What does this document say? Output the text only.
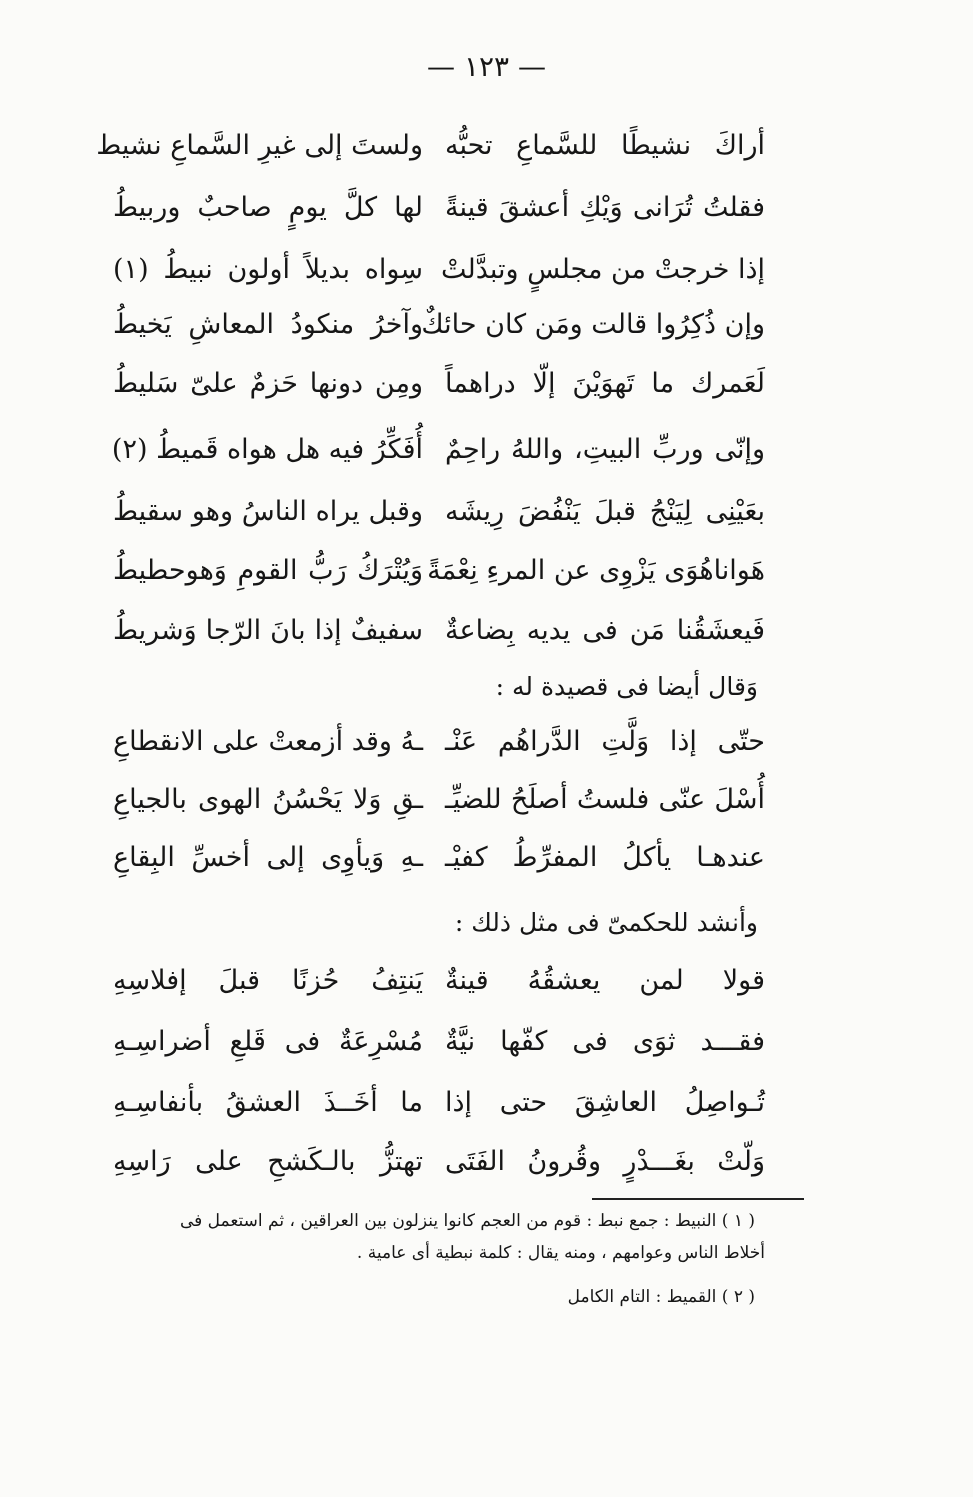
— ١٢٣ —
أراكَ نشيطًا للسَّماعِ تحبُّه
ولستَ إلى غيرِ السَّماعِ نشيط
فقلتُ تُرَانى وَيْكِ أعشقَ قينةً
لها كلَّ يومٍ صاحبٌ وربيطُ
إذا خرجتْ من مجلسٍ وتبدَّلتْ
سِواه بديلاً أولون نبيطُ (١)
وإن ذُكِرُوا قالت ومَن كان حائكٌ
وآخرُ منكودُ المعاشِ يَخيطُ
لَعَمرك ما تَهوَيْنَ إلّا دراهماً
ومِن دونها حَزمٌ علىّ سَليطُ
وإنّى وربِّ البيتِ، واللهُ راحِمٌ
أُفَكِّرُ فيه هل هواه قَميطُ (٢)
بعَيْنِى لِيَنْجُ قبلَ يَنْفُضَ رِيشَه
وقبل يراه الناسُ وهو سقيطُ
هَواناهُوَى يَزْوِى عن المرءِ نِعْمَةً
وَيُتْرَكُ رَبُّ القومِ وَهوحطيطُ
فَيعشَقُنا مَن فى يديه بِضاعةٌ
سفيفٌ إذا بانَ الرّجا وَشريطُ
وَقال أيضا فى قصيدة له :
حتّى إذا وَلَّتِ الدَّراهُم عَنْـ
ـهُ وقد أزمعتْ على الانقطاعِ
أُسْلَ عنّى فلستُ أصلَحُ للضيِّـ
ـقِ وَلا يَحْسُنُ الهوى بالجياعِ
عندهـا يأكلُ المفرِّطُ كفيْـ
ـهِ وَيأوِى إلى أخسِّ البِقاعِ
وأنشد للحكمىّ فى مثل ذلك :
قولا لمن يعشقُهُ قينةٌ
يَنتِفُ حُزنًا قبلَ إفلاسِهِ
فقـــد ثوَى فى كفّها نيَّةٌ
مُسْرِعَةٌ فى قَلعِ أضراسِـهِ
تُـواصِلُ العاشِقَ حتى إذا
ما أخَــذَ العشقُ بأنفاسِـهِ
وَلّتْ بغَـــدْرٍ وقُرونُ الفَتَى
تهتزُّ بالـكَشحِ على رَاسِهِ
( ١ ) النبيط : جمع نبط : قوم من العجم كانوا ينزلون بين العراقين ، ثم استعمل فى
أخلاط الناس وعوامهم ، ومنه يقال : كلمة نبطية أى عامية .
( ٢ ) القميط : التام الكامل
